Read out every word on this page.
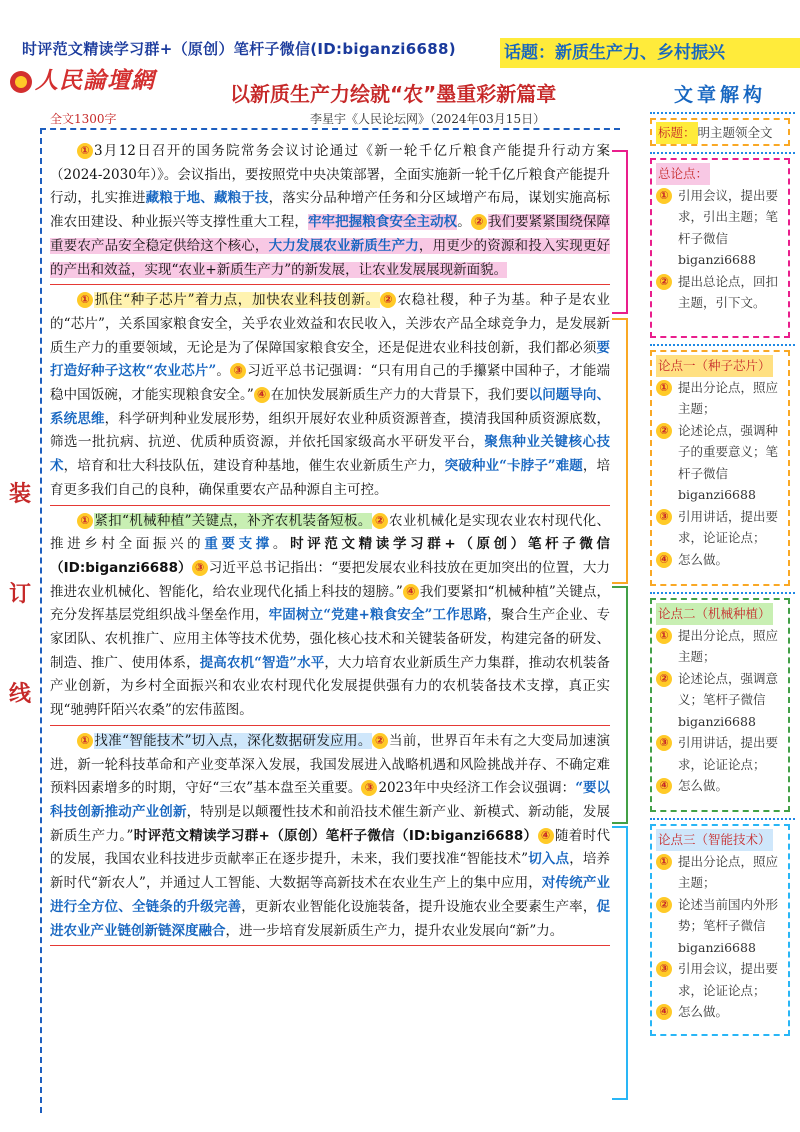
时评范文精读学习群+（原创）笔杆子微信(ID:biganzi6688)	话题：新质生产力、乡村振兴
人民論壇網	以新质生产力绘就“农”墨重彩新篇章
全文1300字	李星宇《人民论坛网》（2024年03月15日）
装
订
线

① 3月12日召开的国务院常务会议讨论通过《新一轮千亿斤粮食产能提升行动方案（2024-2030年）》。会议指出，要按照党中央决策部署，全面实施新一轮千亿斤粮食产能提升行动，扎实推进藏粮于地、藏粮于技，落实分品种增产任务和分区域增产布局，谋划实施高标准农田建设、种业振兴等支撑性重大工程，牢牢把握粮食安全主动权。 ② 我们要紧紧围绕保障重要农产品安全稳定供给这个核心，大力发展农业新质生产力，用更少的资源和投入实现更好的产出和效益，实现“农业+新质生产力”的新发展，让农业发展展现新面貌。

① 抓住“种子芯片”着力点，加快农业科技创新。 ② 农稳社稷，种子为基。种子是农业的“芯片”，关系国家粮食安全，关乎农业效益和农民收入，关涉农产品全球竞争力，是发展新质生产力的重要领域，无论是为了保障国家粮食安全，还是促进农业科技创新，我们都必须要打造好种子这枚“农业芯片”。 ③ 习近平总书记强调：“只有用自己的手攥紧中国种子，才能端稳中国饭碗，才能实现粮食安全。” ④ 在加快发展新质生产力的大背景下，我们要以问题导向、系统思维，科学研判种业发展形势，组织开展好农业种质资源普查，摸清我国种质资源底数，筛选一批抗病、抗逆、优质种质资源，并依托国家级高水平研发平台，聚焦种业关键核心技术，培育和壮大科技队伍，建设育种基地，催生农业新质生产力，突破种业“卡脖子”难题，培育更多我们自己的良种，确保重要农产品种源自主可控。

① 紧扣“机械种植”关键点，补齐农机装备短板。 ② 农业机械化是实现农业农村现代化、推进乡村全面振兴的重要支撑。时评范文精读学习群+（原创）笔杆子微信（ID:biganzi6688） ③ 习近平总书记指出：“要把发展农业科技放在更加突出的位置，大力推进农业机械化、智能化，给农业现代化插上科技的翅膀。” ④ 我们要紧扣“机械种植”关键点，充分发挥基层党组织战斗堡垒作用，牢固树立“党建+粮食安全”工作思路，聚合生产企业、专家团队、农机推广、应用主体等技术优势，强化核心技术和关键装备研发，构建完备的研发、制造、推广、使用体系，提高农机“智造”水平，大力培育农业新质生产力集群，推动农机装备产业创新，为乡村全面振兴和农业农村现代化发展提供强有力的农机装备技术支撑，真正实现“驰骋阡陌兴农桑”的宏伟蓝图。

① 找准“智能技术”切入点，深化数据研发应用。 ② 当前，世界百年未有之大变局加速演进，新一轮科技革命和产业变革深入发展，我国发展进入战略机遇和风险挑战并存、不确定难预料因素增多的时期，守好“三农”基本盘至关重要。 ③ 2023年中央经济工作会议强调：“要以科技创新推动产业创新，特别是以颠覆性技术和前沿技术催生新产业、新模式、新动能，发展新质生产力。”时评范文精读学习群+（原创）笔杆子微信（ID:biganzi6688） ④ 随着时代的发展，我国农业科技进步贡献率正在逐步提升，未来，我们要找准“智能技术”切入点，培养新时代“新农人”，并通过人工智能、大数据等高新技术在农业生产上的集中应用，对传统产业进行全方位、全链条的升级完善，更新农业智能化设施装备，提升设施农业全要素生产率，促进农业产业链创新链深度融合，进一步培育发展新质生产力，提升农业发展向“新”力。

文章解构
标题： 明主题领全文
总论点：
① 引用会议，提出要求，引出主题；笔杆子微信biganzi6688
② 提出总论点，回扣主题，引下文。
论点一（种子芯片）
① 提出分论点，照应主题；
② 论述论点，强调种子的重要意义；笔杆子微信biganzi6688
③ 引用讲话，提出要求，论证论点；
④ 怎么做。
论点二（机械种植）
① 提出分论点，照应主题；
② 论述论点，强调意义；笔杆子微信biganzi6688
③ 引用讲话，提出要求，论证论点；
④ 怎么做。
论点三（智能技术）
① 提出分论点，照应主题；
② 论述当前国内外形势；笔杆子微信biganzi6688
③ 引用会议，提出要求，论证论点；
④ 怎么做。
